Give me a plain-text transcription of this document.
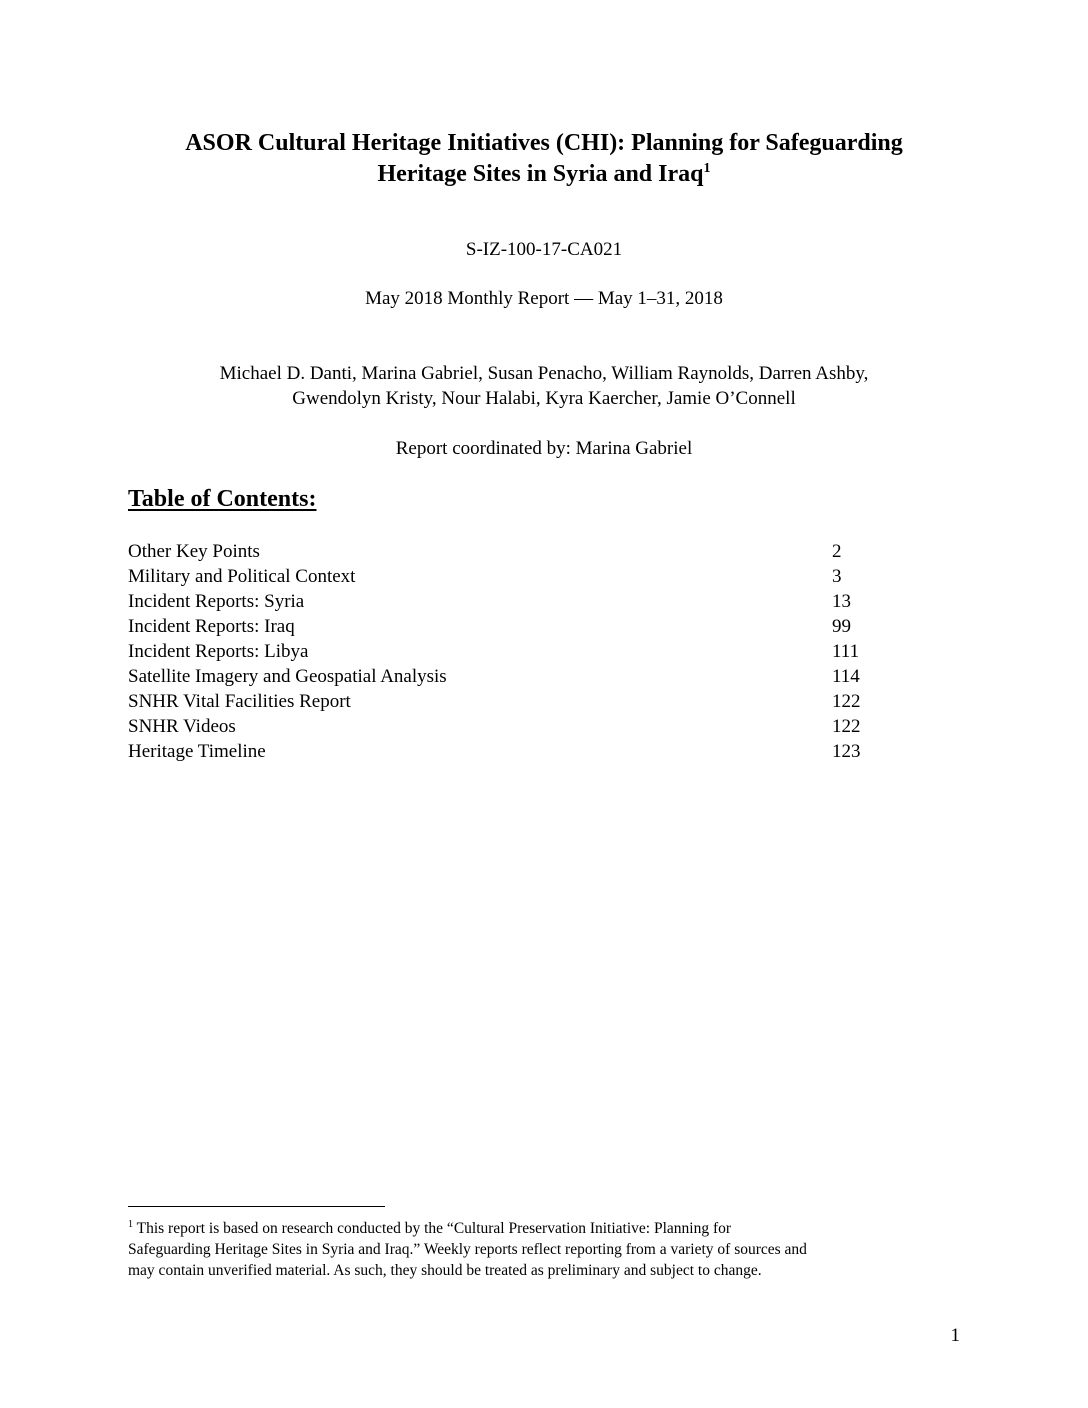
ASOR Cultural Heritage Initiatives (CHI): Planning for Safeguarding
Heritage Sites in Syria and Iraq$^1$
S-IZ-100-17-CA021
May 2018 Monthly Report — May 1–31, 2018
Michael D. Danti, Marina Gabriel, Susan Penacho, William Raynolds, Darren Ashby,
Gwendolyn Kristy, Nour Halabi, Kyra Kaercher, Jamie O’Connell
Report coordinated by: Marina Gabriel
Table of Contents:
Other Key Points	2
Military and Political Context	3
Incident Reports: Syria	13
Incident Reports: Iraq	99
Incident Reports: Libya	111
Satellite Imagery and Geospatial Analysis	114
SNHR Vital Facilities Report	122
SNHR Videos	122
Heritage Timeline	123
$^1$ This report is based on research conducted by the “Cultural Preservation Initiative: Planning for
Safeguarding Heritage Sites in Syria and Iraq.” Weekly reports reflect reporting from a variety of sources and
may contain unverified material. As such, they should be treated as preliminary and subject to change.
1
